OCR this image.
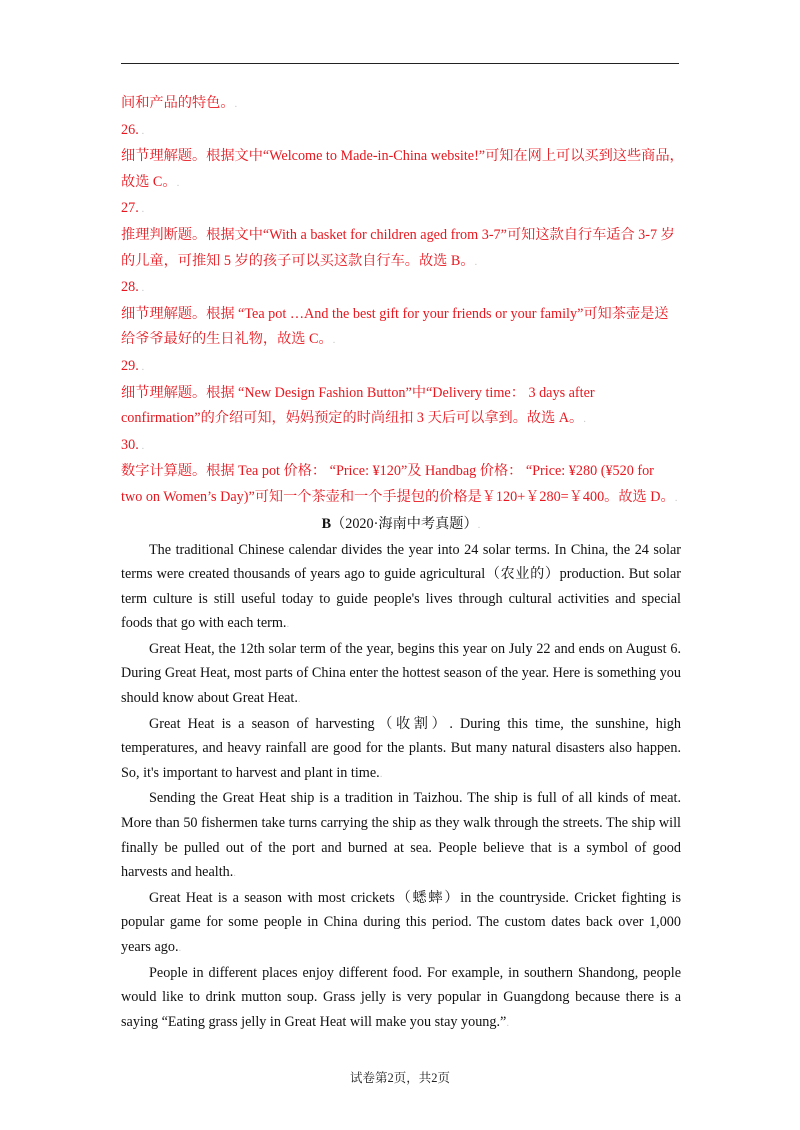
间和产品的特色。.
26. .
细节理解题。根据文中“Welcome to Made-in-China website!”可知在网上可以买到这些商品，
故选 C。.
27. .
推理判断题。根据文中“With a basket for children aged from 3-7”可知这款自行车适合 3-7 岁
的儿童，可推知 5 岁的孩子可以买这款自行车。故选 B。.
28. .
细节理解题。根据 “Tea pot …And the best gift for your friends or your family”可知茶壶是送
给爷爷最好的生日礼物，故选 C。.
29. .
细节理解题。根据 “New Design Fashion Button”中“Delivery time： 3 days after
confirmation”的介绍可知，妈妈预定的时尚纽扣 3 天后可以拿到。故选 A。.
30. .
数字计算题。根据 Tea pot 价格： “Price: ¥120”及 Handbag 价格： “Price: ¥280 (¥520 for
two on Women’s Day)”可知一个茶壶和一个手提包的价格是￥120+￥280=￥400。故选 D。.
B（2020·海南中考真题）.
The traditional Chinese calendar divides the year into 24 solar terms. In China, the 24 solar terms were created thousands of years ago to guide agricultural（农业的）production. But solar term culture is still useful today to guide people's lives through cultural activities and special foods that go with each term..
Great Heat, the 12th solar term of the year, begins this year on July 22 and ends on August 6. During Great Heat, most parts of China enter the hottest season of the year. Here is something you should know about Great Heat..
Great Heat is a season of harvesting（收割）. During this time, the sunshine, high temperatures, and heavy rainfall are good for the plants. But many natural disasters also happen. So, it's important to harvest and plant in time..
Sending the Great Heat ship is a tradition in Taizhou. The ship is full of all kinds of meat. More than 50 fishermen take turns carrying the ship as they walk through the streets. The ship will finally be pulled out of the port and burned at sea. People believe that is a symbol of good harvests and health..
Great Heat is a season with most crickets（蟋蟀）in the countryside. Cricket fighting is popular game for some people in China during this period. The custom dates back over 1,000 years ago..
People in different places enjoy different food. For example, in southern Shandong, people would like to drink mutton soup. Grass jelly is very popular in Guangdong because there is a saying “Eating grass jelly in Great Heat will make you stay young.”.
试卷第2页，共2页
